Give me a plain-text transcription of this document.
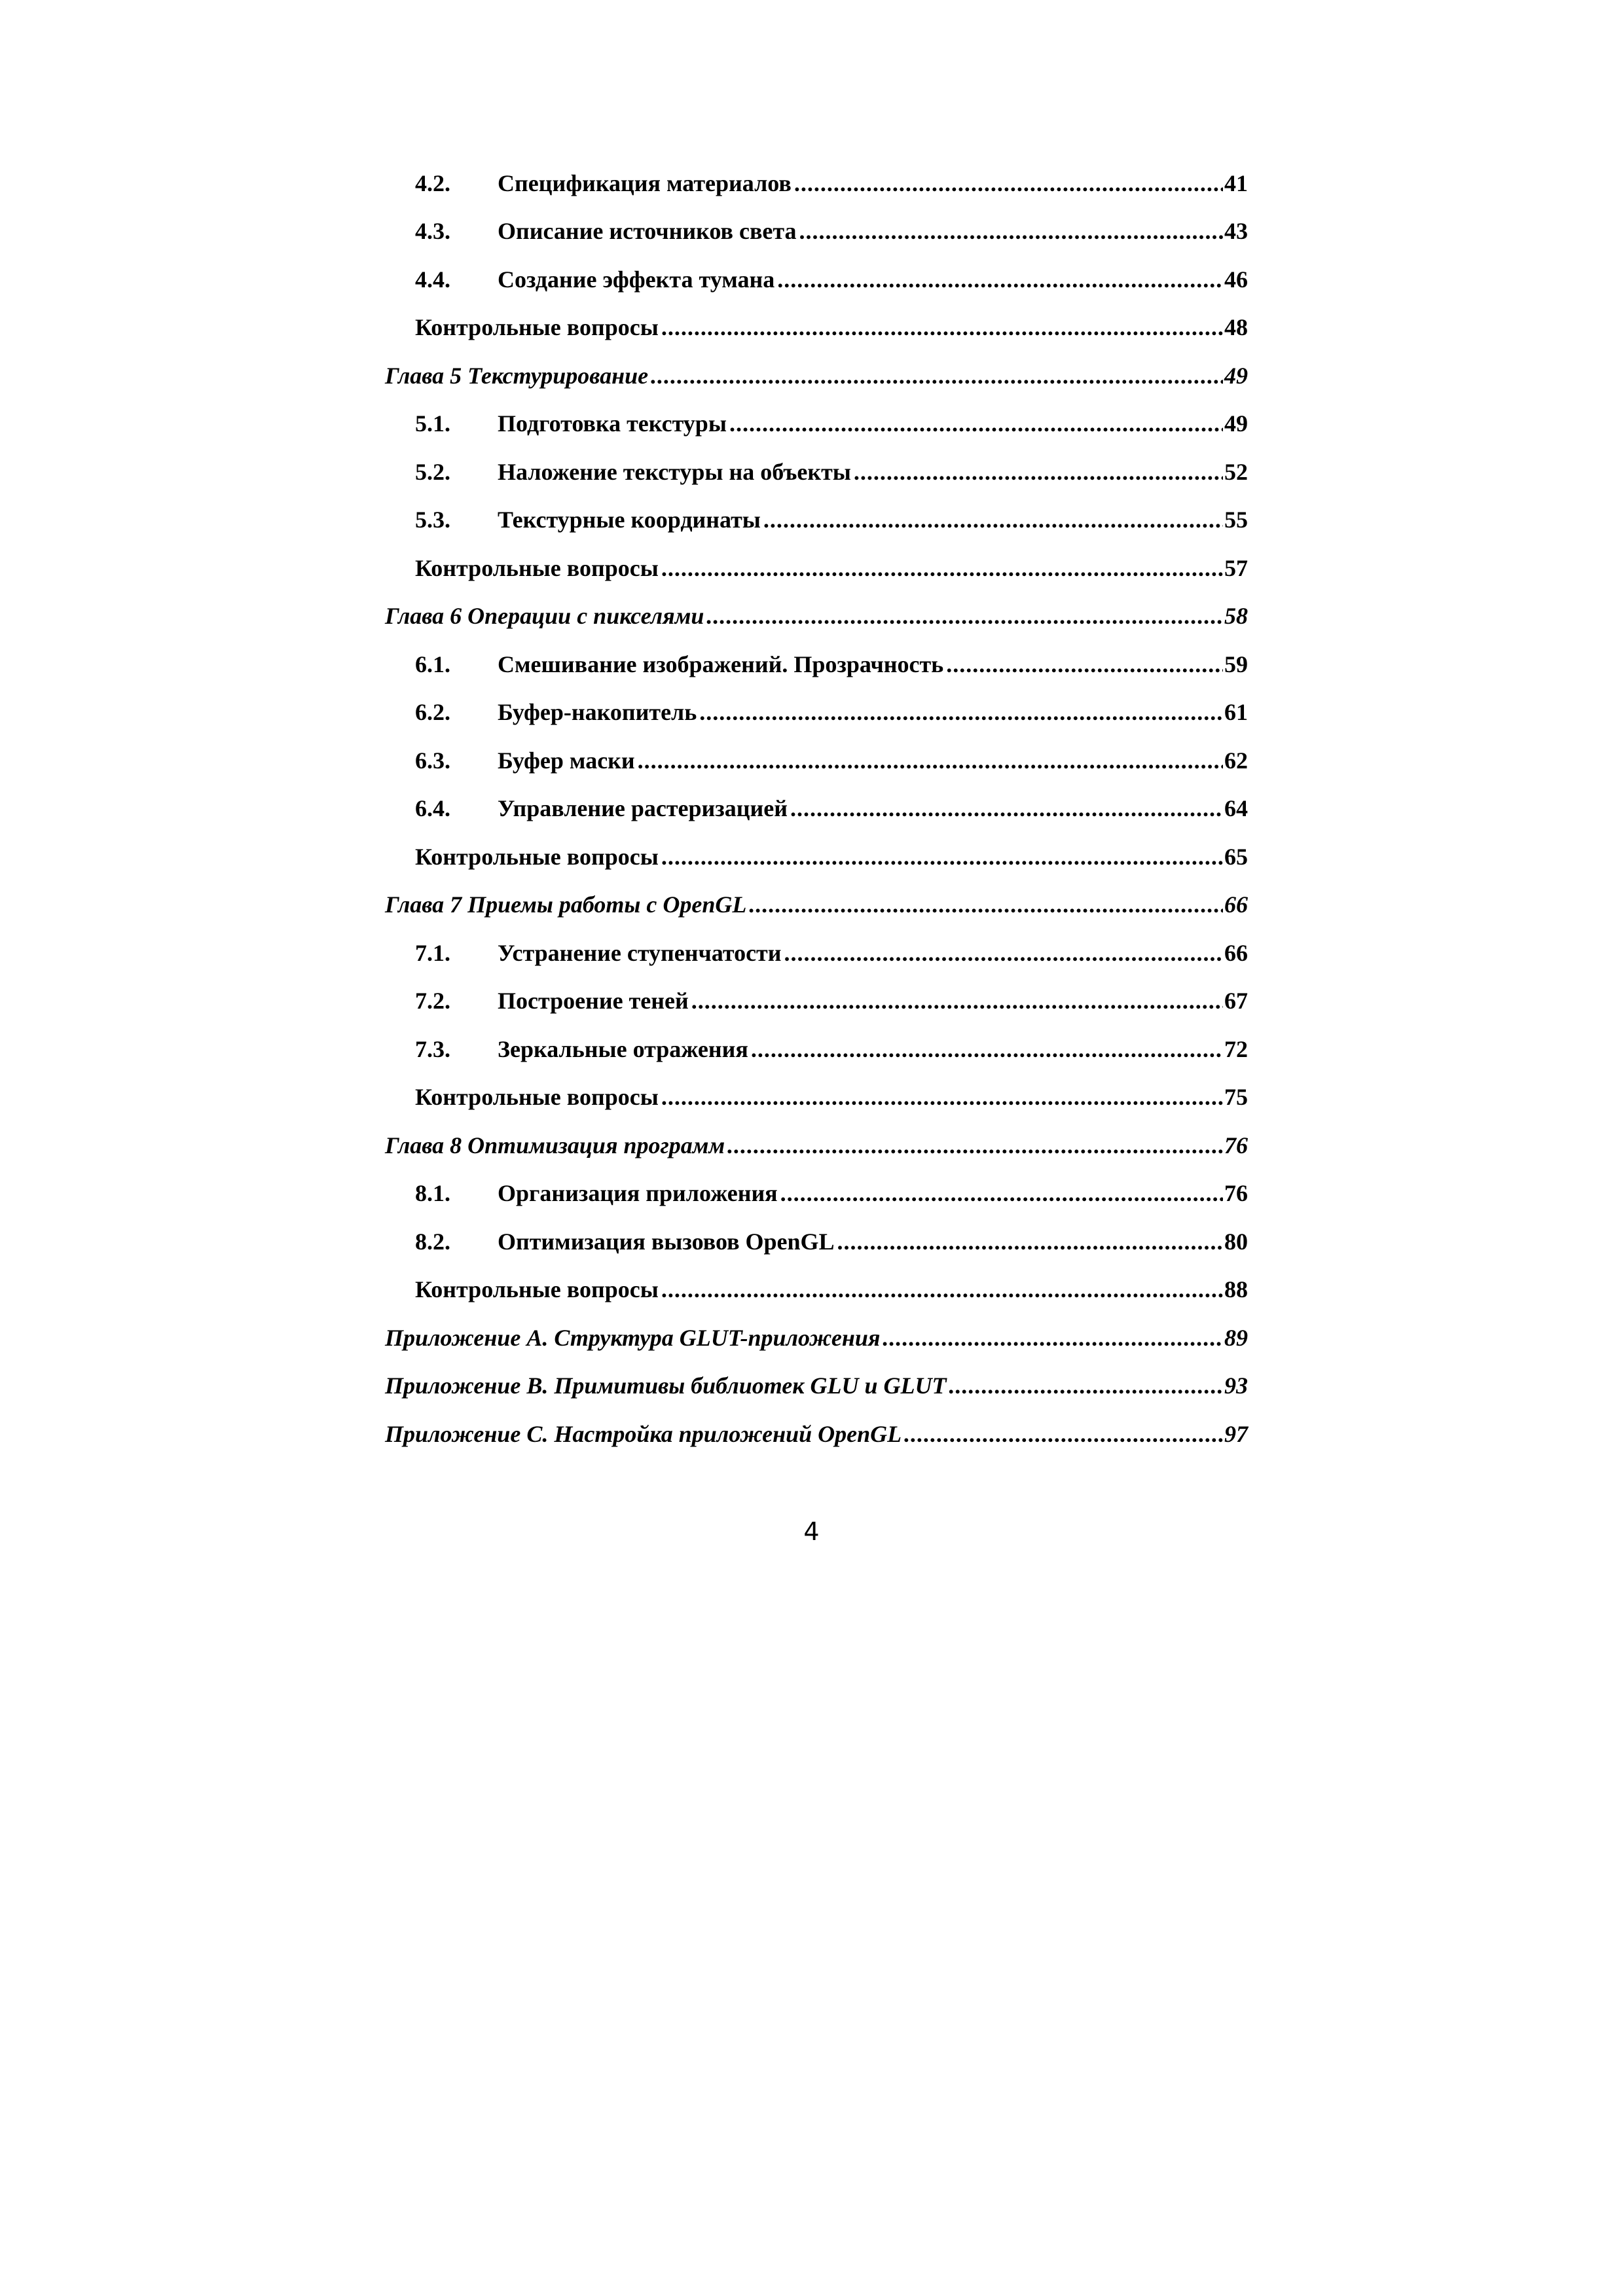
4.2.	Спецификация материалов .....	41
4.3.	Описание источников света .....	43
4.4.	Создание эффекта тумана .....	46
Контрольные вопросы .....	48
Глава 5 Текстурирование .....	49
5.1.	Подготовка текстуры .....	49
5.2.	Наложение текстуры на объекты .....	52
5.3.	Текстурные координаты .....	55
Контрольные вопросы .....	57
Глава 6 Операции с пикселями .....	58
6.1.	Смешивание изображений. Прозрачность .....	59
6.2.	Буфер-накопитель .....	61
6.3.	Буфер маски .....	62
6.4.	Управление растеризацией .....	64
Контрольные вопросы .....	65
Глава 7 Приемы работы с OpenGL .....	66
7.1.	Устранение ступенчатости .....	66
7.2.	Построение теней .....	67
7.3.	Зеркальные отражения .....	72
Контрольные вопросы .....	75
Глава 8 Оптимизация программ .....	76
8.1.	Организация приложения .....	76
8.2.	Оптимизация вызовов OpenGL .....	80
Контрольные вопросы .....	88
Приложение A. Структура GLUT-приложения .....	89
Приложение B. Примитивы библиотек GLU и GLUT .....	93
Приложение C. Настройка приложений OpenGL .....	97
4
